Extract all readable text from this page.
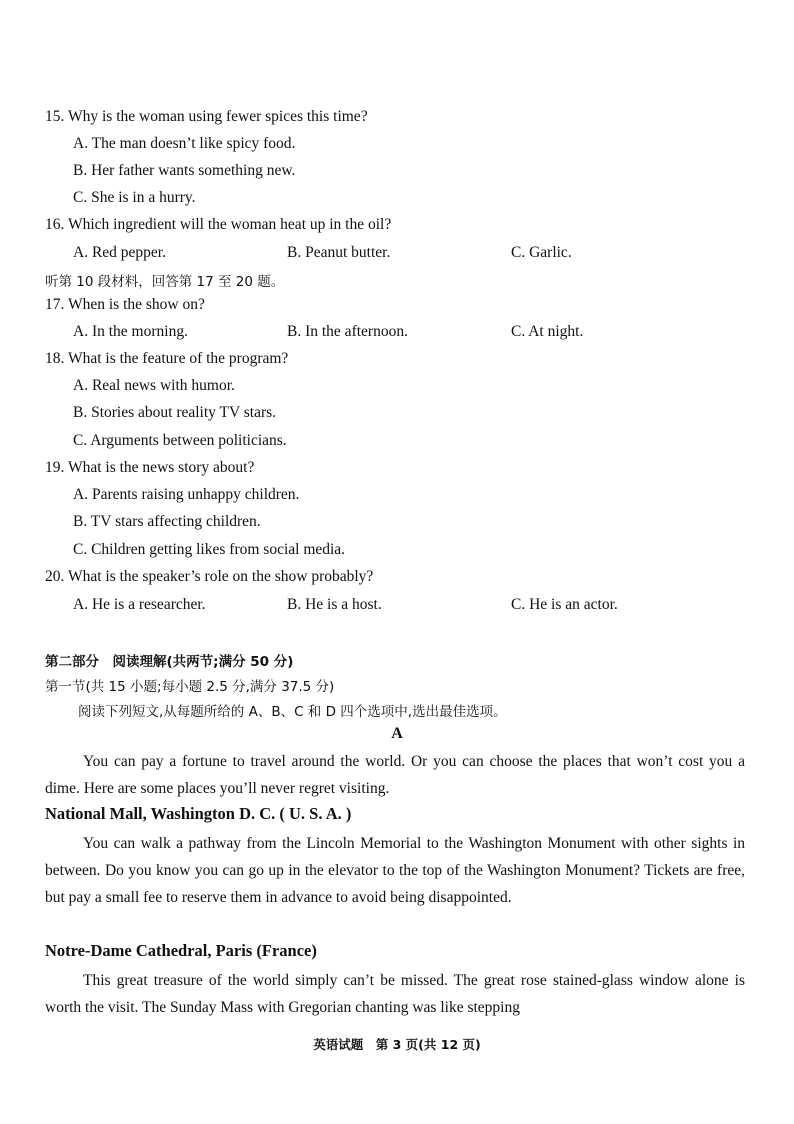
15. Why is the woman using fewer spices this time?
A. The man doesn’t like spicy food.
B. Her father wants something new.
C. She is in a hurry.
16. Which ingredient will the woman heat up in the oil?
A. Red pepper.	B. Peanut butter.	C. Garlic.
听第 10 段材料，回答第 17 至 20 题。
17. When is the show on?
A. In the morning.	B. In the afternoon.	C. At night.
18. What is the feature of the program?
A. Real news with humor.
B. Stories about reality TV stars.
C. Arguments between politicians.
19. What is the news story about?
A. Parents raising unhappy children.
B. TV stars affecting children.
C. Children getting likes from social media.
20. What is the speaker’s role on the show probably?
A. He is a researcher.	B. He is a host.	C. He is an actor.
第二部分　阅读理解(共两节;满分 50 分)
第一节(共 15 小题;每小题 2.5 分,满分 37.5 分)
阅读下列短文,从每题所给的 A、B、C 和 D 四个选项中,选出最佳选项。
A
You can pay a fortune to travel around the world. Or you can choose the places that won’t cost you a dime. Here are some places you’ll never regret visiting.
National Mall, Washington D. C. ( U. S. A. )
You can walk a pathway from the Lincoln Memorial to the Washington Monument with other sights in between. Do you know you can go up in the elevator to the top of the Washington Monument? Tickets are free, but pay a small fee to reserve them in advance to avoid being disappointed.
Notre-Dame Cathedral, Paris (France)
This great treasure of the world simply can’t be missed. The great rose stained-glass window alone is worth the visit. The Sunday Mass with Gregorian chanting was like stepping
英语试题　第 3 页(共 12 页)
